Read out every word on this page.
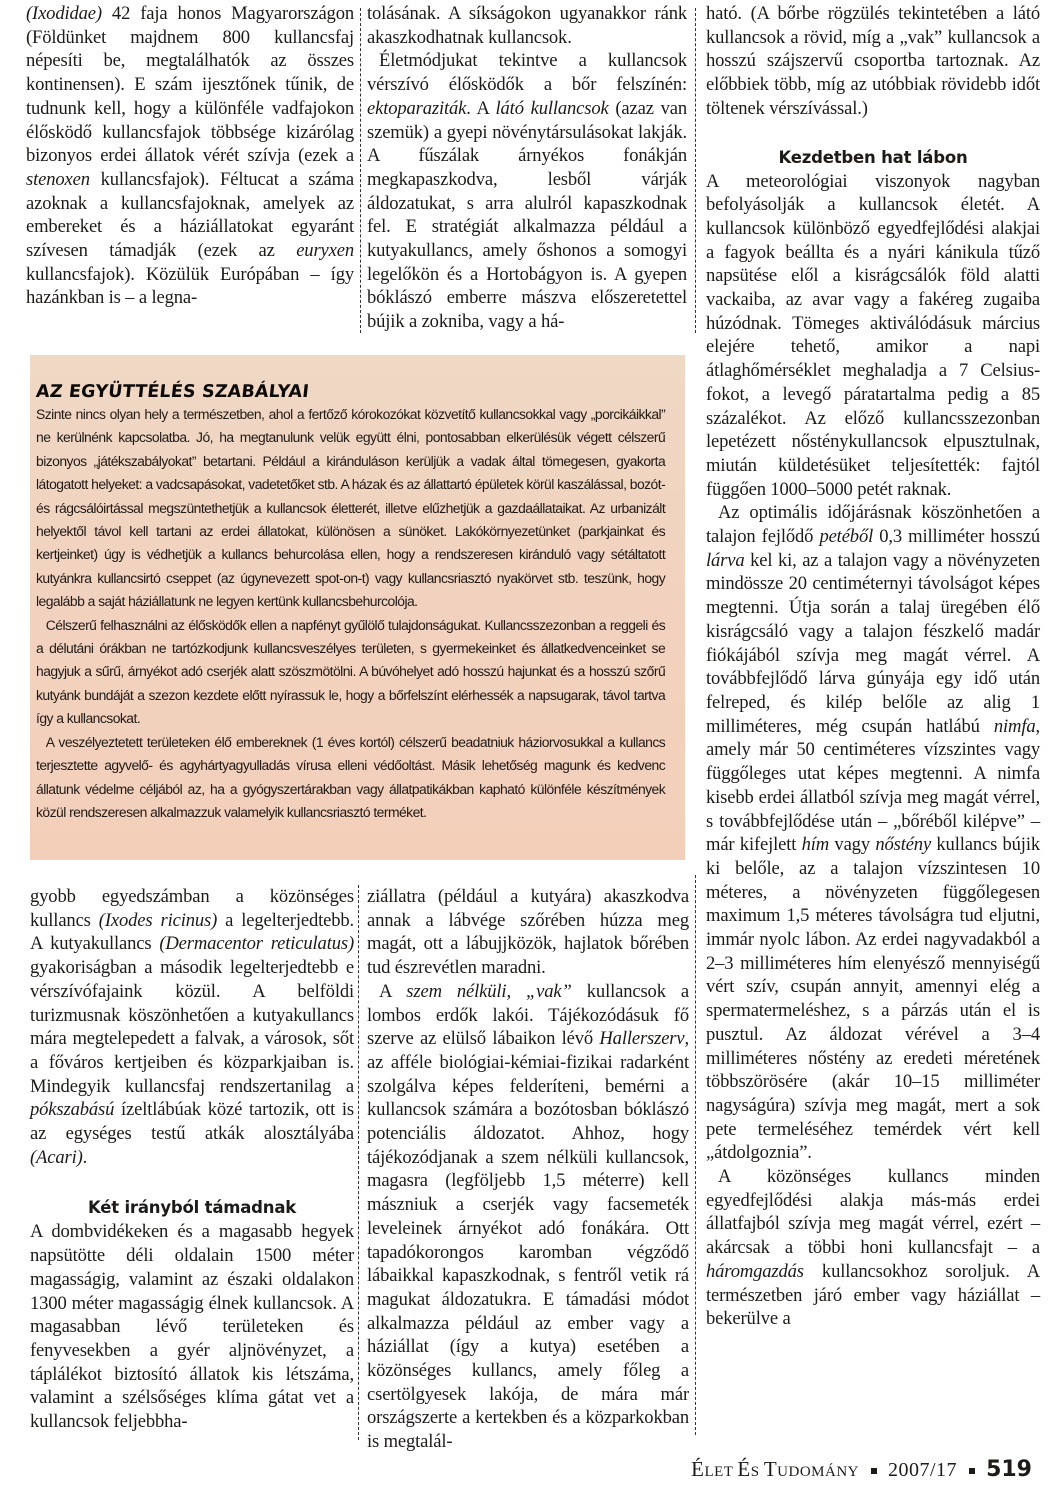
(Ixodidae) 42 faja honos Magyarországon (Földünket majdnem 800 kullancsfaj népesíti be, megtalálhatók az összes kontinensen). E szám ijesztőnek tűnik, de tudnunk kell, hogy a különféle vadfajokon élősködő kullancsfajok többsége kizárólag bizonyos erdei állatok vérét szívja (ezek a stenoxen kullancsfajok). Féltucat a száma azoknak a kullancsfajoknak, amelyek az embereket és a háziállatokat egyaránt szívesen támadják (ezek az euryxen kullancsfajok). Közülük Európában – így hazánkban is – a legna-

tolásának. A síkságokon ugyanakkor ránk akaszkodhatnak kullancsok.

Életmódjukat tekintve a kullancsok vérszívó élősködők a bőr felszínén: ektoparaziták. A látó kullancsok (azaz van szemük) a gyepi növénytársulásokat lakják. A fűszálak árnyékos fonákján megkapaszkodva, lesből várják áldozatukat, s arra alulról kapaszkodnak fel. E stratégiát alkalmazza például a kutyakullancs, amely őshonos a somogyi legelőkön és a Hortobágyon is. A gyepen bóklászó emberre mászva előszeretettel bújik a zokniba, vagy a há-

ható. (A bőrbe rögzülés tekintetében a látó kullancsok a rövid, míg a „vak” kullancsok a hosszú szájszervű csoportba tartoznak. Az előbbiek több, míg az utóbbiak rövidebb időt töltenek vérszívással.)

Kezdetben hat lábon

A meteorológiai viszonyok nagyban befolyásolják a kullancsok életét. A kullancsok különböző egyedfejlődési alakjai a fagyok beállta és a nyári kánikula tűző napsütése elől a kisrágcsálók föld alatti vackaiba, az avar vagy a fakéreg zugaiba húzódnak. Tömeges aktiválódásuk március elejére tehető, amikor a napi átlaghőmérséklet meghaladja a 7 Celsius-fokot, a levegő páratartalma pedig a 85 százalékot. Az előző kullancsszezonban lepetézett nősténykullancsok elpusztulnak, miután küldetésüket teljesítették: fajtól függően 1000–5000 petét raknak.

Az optimális időjárásnak köszönhetően a talajon fejlődő petéből 0,3 milliméter hosszú lárva kel ki, az a talajon vagy a növényzeten mindössze 20 centiméternyi távolságot képes megtenni. Útja során a talaj üregében élő kisrágcsáló vagy a talajon fészkelő madár fiókájából szívja meg magát vérrel. A továbbfejlődő lárva gúnyája egy idő után felreped, és kilép belőle az alig 1 milliméteres, még csupán hatlábú nimfa, amely már 50 centiméteres vízszintes vagy függőleges utat képes megtenni. A nimfa kisebb erdei állatból szívja meg magát vérrel, s továbbfejlődése után – „bőréből kilépve” – már kifejlett hím vagy nőstény kullancs bújik ki belőle, az a talajon vízszintesen 10 méteres, a növényzeten függőlegesen maximum 1,5 méteres távolságra tud eljutni, immár nyolc lábon. Az erdei nagyvadakból a 2–3 milliméteres hím elenyésző mennyiségű vért szív, csupán annyit, amennyi elég a spermatermeléshez, s a párzás után el is pusztul. Az áldozat vérével a 3–4 milliméteres nőstény az eredeti méretének többszörösére (akár 10–15 milliméter nagyságúra) szívja meg magát, mert a sok pete termeléséhez temérdek vért kell „átdolgoznia”.

A közönséges kullancs minden egyedfejlődési alakja más-más erdei állatfajból szívja meg magát vérrel, ezért – akárcsak a többi honi kullancsfajt – a háromgazdás kullancsokhoz soroljuk. A természetben járó ember vagy háziállat – bekerülve a

AZ EGYÜTTÉLÉS SZABÁLYAI

Szinte nincs olyan hely a természetben, ahol a fertőző kórokozókat közvetítő kullancsokkal vagy „porcikáikkal” ne kerülnénk kapcsolatba. Jó, ha megtanulunk velük együtt élni, pontosabban elkerülésük végett célszerű bizonyos „játékszabályokat” betartani. Például a kiránduláson kerüljük a vadak által tömegesen, gyakorta látogatott helyeket: a vadcsapásokat, vadetetőket stb. A házak és az állattartó épületek körül kaszálással, bozót- és rágcsálóirtással megszüntethetjük a kullancsok életterét, illetve elűzhetjük a gazdaállataikat. Az urbanizált helyektől távol kell tartani az erdei állatokat, különösen a sünöket. Lakókörnyezetünket (parkjainkat és kertjeinket) úgy is védhetjük a kullancs behurcolása ellen, hogy a rendszeresen kiránduló vagy sétáltatott kutyánkra kullancsirtó cseppet (az úgynevezett spot-on-t) vagy kullancsriasztó nyakörvet stb. teszünk, hogy legalább a saját háziállatunk ne legyen kertünk kullancsbehurcolója.

Célszerű felhasználni az élősködők ellen a napfényt gyűlölő tulajdonságukat. Kullancsszezonban a reggeli és a délutáni órákban ne tartózkodjunk kullancsveszélyes területen, s gyermekeinket és állatkedvenceinket se hagyjuk a sűrű, árnyékot adó cserjék alatt szöszmötölni. A búvóhelyet adó hosszú hajunkat és a hosszú szőrű kutyánk bundáját a szezon kezdete előtt nyírassuk le, hogy a bőrfelszínt elérhessék a napsugarak, távol tartva így a kullancsokat.

A veszélyeztetett területeken élő embereknek (1 éves kortól) célszerű beadatniuk háziorvosukkal a kullancs terjesztette agyvelő- és agyhártyagyulladás vírusa elleni védőoltást. Másik lehetőség magunk és kedvenc állatunk védelme céljából az, ha a gyógyszertárakban vagy állatpatikákban kapható különféle készítmények közül rendszeresen alkalmazzuk valamelyik kullancsriasztó terméket.

gyobb egyedszámban a közönséges kullancs (Ixodes ricinus) a legelterjedtebb. A kutyakullancs (Dermacentor reticulatus) gyakoriságban a második legelterjedtebb e vérszívófajaink közül. A belföldi turizmusnak köszönhetően a kutyakullancs mára megtelepedett a falvak, a városok, sőt a főváros kertjeiben és közparkjaiban is. Mindegyik kullancsfaj rendszertanilag a pókszabású ízeltlábúak közé tartozik, ott is az egységes testű atkák alosztályába (Acari).

Két irányból támadnak

A dombvidékeken és a magasabb hegyek napsütötte déli oldalain 1500 méter magasságig, valamint az északi oldalakon 1300 méter magasságig élnek kullancsok. A magasabban lévő területeken és fenyvesekben a gyér aljnövényzet, a táplálékot biztosító állatok kis létszáma, valamint a szélsőséges klíma gátat vet a kullancsok feljebbha-

ziállatra (például a kutyára) akaszkodva annak a lábvége szőrében húzza meg magát, ott a lábujjközök, hajlatok bőrében tud észrevétlen maradni.

A szem nélküli, „vak” kullancsok a lombos erdők lakói. Tájékozódásuk fő szerve az elülső lábaikon lévő Hallerszerv, az afféle biológiai-kémiai-fizikai radarként szolgálva képes felderíteni, bemérni a kullancsok számára a bozótosban bóklászó potenciális áldozatot. Ahhoz, hogy tájékozódjanak a szem nélküli kullancsok, magasra (legföljebb 1,5 méterre) kell mászniuk a cserjék vagy facsemeték leveleinek árnyékot adó fonákára. Ott tapadókorongos karomban végződő lábaikkal kapaszkodnak, s fentről vetik rá magukat áldozatukra. E támadási módot alkalmazza például az ember vagy a háziállat (így a kutya) esetében a közönséges kullancs, amely főleg a csertölgyesek lakója, de mára már országszerte a kertekben és a közparkokban is megtalál-

ÉLET ÉS TUDOMÁNY 2007/17 519
